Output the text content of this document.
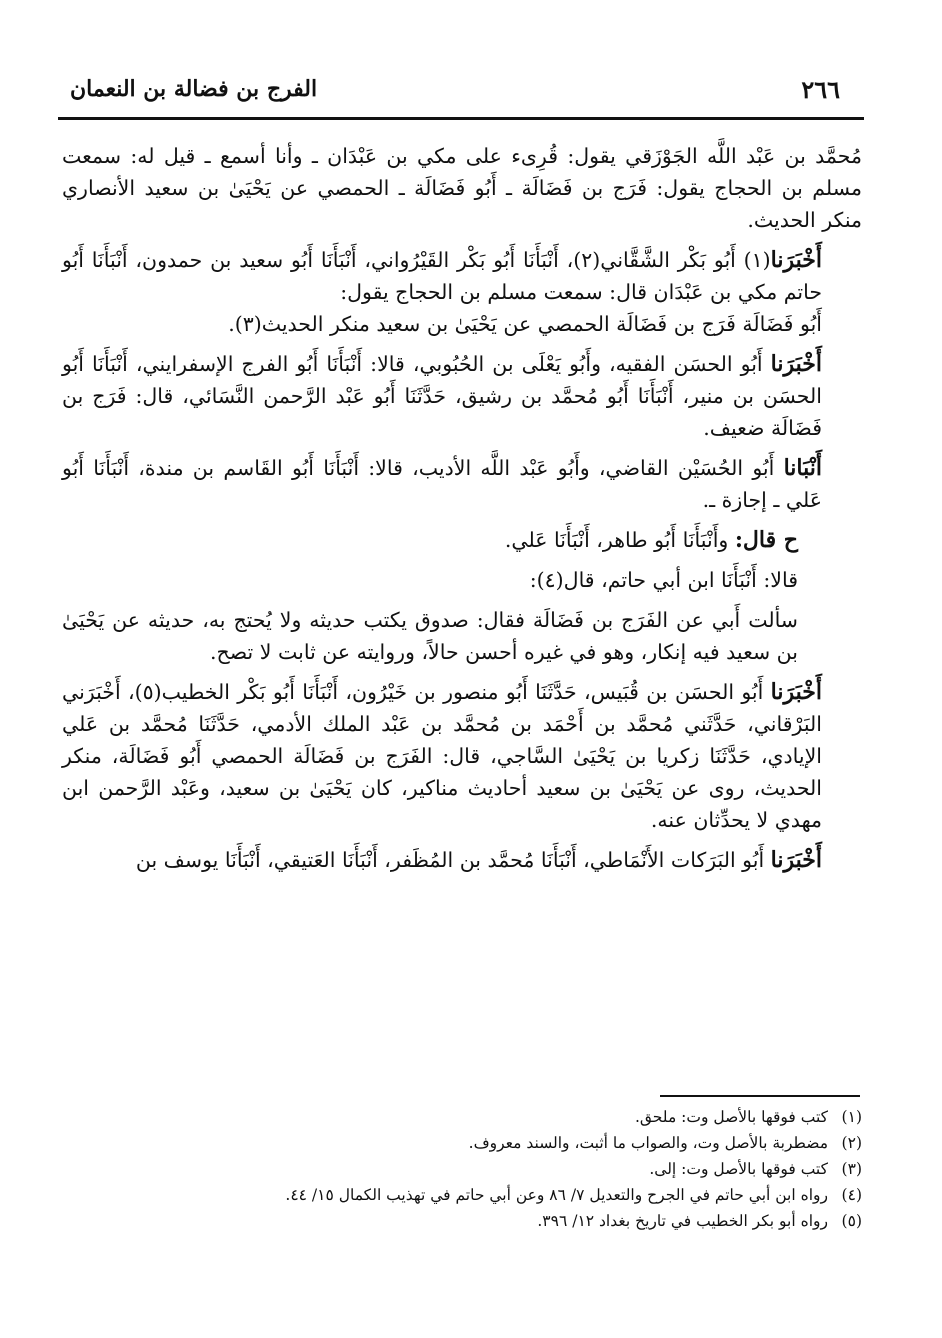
٢٦٦
الفرج بن فضالة بن النعمان

مُحمَّد بن عَبْد اللَّه الجَوْزَقي يقول: قُرِىء على مكي بن عَبْدَان ـ وأنا أسمع ـ قيل له: سمعت مسلم بن الحجاج يقول: فَرَج بن فَضَالَة ـ أَبُو فَضَالَة ـ الحمصي عن يَحْيَىٰ بن سعيد الأنصاري منكر الحديث.

أَخْبَرَنا(١) أَبُو بَكْر الشَّقَّاني(٢)، أَنْبَأَنَا أَبُو بَكْر القَيْرُواني، أَنْبَأَنَا أَبُو سعيد بن حمدون، أَنْبَأَنَا أَبُو حاتم مكي بن عَبْدَان قال: سمعت مسلم بن الحجاج يقول:

أَبُو فَضَالَة فَرَج بن فَضَالَة الحمصي عن يَحْيَىٰ بن سعيد منكر الحديث(٣).

أَخْبَرَنا أَبُو الحسَن الفقيه، وأَبُو يَعْلَى بن الحُبُوبي، قالا: أَنْبَأَنَا أَبُو الفرج الإسفرايني، أَنْبَأَنَا أَبُو الحسَن بن منير، أَنْبَأَنَا أَبُو مُحمَّد بن رشيق، حَدَّثَنَا أَبُو عَبْد الرَّحمن النَّسَائي، قال: فَرَج بن فَضَالَة ضعيف.

أَنْبَانا أَبُو الحُسَيْن القاضي، وأَبُو عَبْد اللَّه الأديب، قالا: أَنْبَأَنَا أَبُو القَاسم بن مندة، أَنْبَأَنَا أَبُو عَلي ـ إجازة ـ.

ح قال: وأَنْبَأَنَا أَبُو طاهر، أَنْبَأَنَا عَلي.

قالا: أَنْبَأَنَا ابن أبي حاتم، قال(٤):

سألت أَبي عن الفَرَج بن فَضَالَة فقال: صدوق يكتب حديثه ولا يُحتج به، حديثه عن يَحْيَىٰ بن سعيد فيه إنكار، وهو في غيره أحسن حالاً، وروايته عن ثابت لا تصح.

أَخْبَرَنا أَبُو الحسَن بن قُبَيس، حَدَّثَنَا أَبُو منصور بن خَيْرُون، أَنْبَأَنَا أَبُو بَكْر الخطيب(٥)، أَخْبَرَني البَرْقاني، حَدَّثَني مُحمَّد بن أَحْمَد بن مُحمَّد بن عَبْد الملك الأدمي، حَدَّثَنَا مُحمَّد بن عَلي الإيادي، حَدَّثَنَا زكريا بن يَحْيَىٰ السَّاجي، قال: الفَرَج بن فَضَالَة الحمصي أَبُو فَضَالَة، منكر الحديث، روى عن يَحْيَىٰ بن سعيد أحاديث مناكير، كان يَحْيَىٰ بن سعيد، وعَبْد الرَّحمن ابن مهدي لا يحدِّثان عنه.

أَخْبَرَنا أَبُو البَرَكات الأَنْمَاطي، أَنْبَأَنَا مُحمَّد بن المُظَفر، أَنْبَأَنَا العَتيقي، أَنْبَأَنَا يوسف بن

(١)
كتب فوقها بالأصل وت: ملحق.
(٢)
مضطربة بالأصل وت، والصواب ما أثبت، والسند معروف.
(٣)
كتب فوقها بالأصل وت: إلى.
(٤)
رواه ابن أبي حاتم في الجرح والتعديل ٧/ ٨٦ وعن أبي حاتم في تهذيب الكمال ١٥/ ٤٤.
(٥)
رواه أبو بكر الخطيب في تاريخ بغداد ١٢/ ٣٩٦.
